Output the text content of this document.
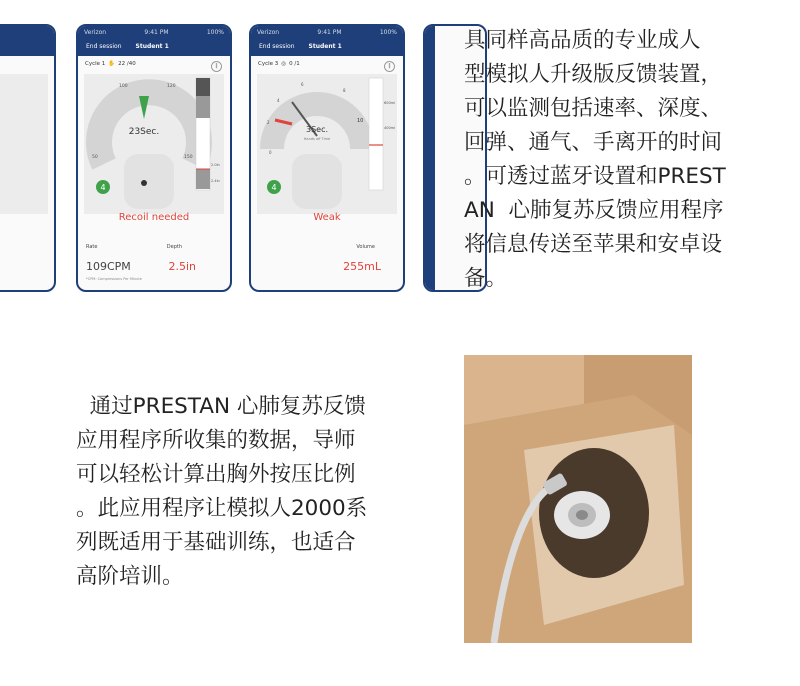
Verizon	9:41 PM	100%
End session Student 1
Cycle 1 ✋ 22 /40	‖
4
23Sec.
100	120
50	150
2.0in
2.4in
Recoil needed
Rate	Depth
109CPM	2.5in
*CPM: Compressions Per Minute
Verizon	9:41 PM	100%
End session Student 1
Cycle 3 ◎ 0 /1	‖
4
3Sec.
Hands off Time
0
2
4
6
8
10
600ml
400ml
Weak
Volume
255mL
具同样高品质的专业成人
型模拟人升级版反馈装置，
可以监测包括速率、深度、
回弹、通气、手离开的时间
。可透过蓝牙设置和PREST
AN  心肺复苏反馈应用程序
将信息传送至苹果和安卓设
备。
通过PRESTAN 心肺复苏反馈
应用程序所收集的数据，导师
可以轻松计算出胸外按压比例
。此应用程序让模拟人2000系
列既适用于基础训练，也适合
高阶培训。
